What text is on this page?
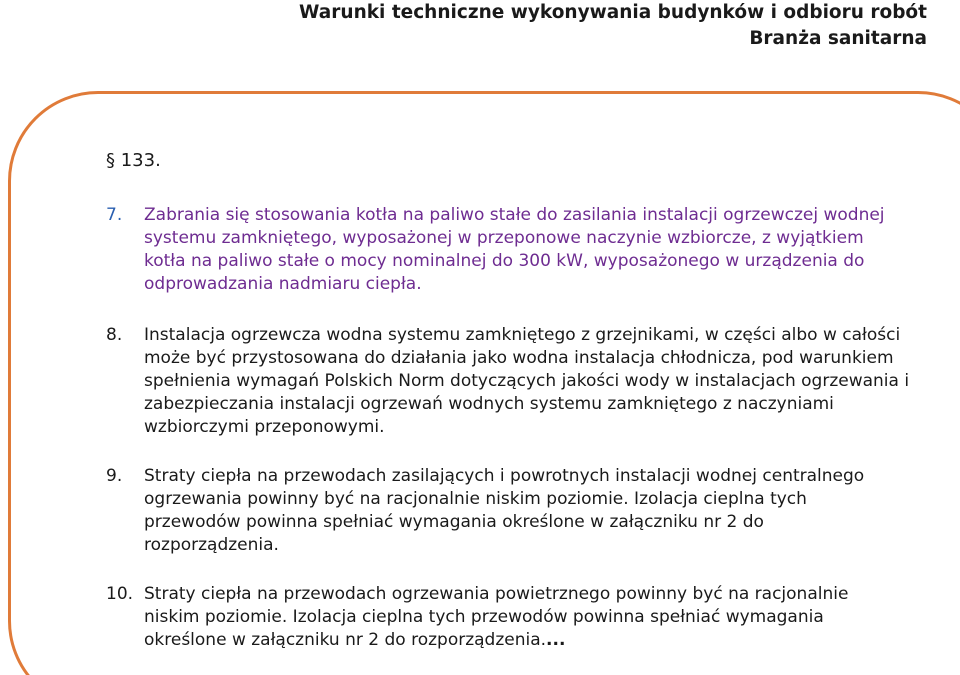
Warunki techniczne wykonywania budynków i odbioru robót
Branża sanitarna
§ 133.
7. Zabrania się stosowania kotła na paliwo stałe do zasilania instalacji ogrzewczej wodnej
systemu zamkniętego, wyposażonej w przeponowe naczynie wzbiorcze, z wyjątkiem
kotła na paliwo stałe o mocy nominalnej do 300 kW, wyposażonego w urządzenia do
odprowadzania nadmiaru ciepła.
8. Instalacja ogrzewcza wodna systemu zamkniętego z grzejnikami, w części albo w całości
może być przystosowana do działania jako wodna instalacja chłodnicza, pod warunkiem
spełnienia wymagań Polskich Norm dotyczących jakości wody w instalacjach ogrzewania i
zabezpieczania instalacji ogrzewań wodnych systemu zamkniętego z naczyniami
wzbiorczymi przeponowymi.
9. Straty ciepła na przewodach zasilających i powrotnych instalacji wodnej centralnego
ogrzewania powinny być na racjonalnie niskim poziomie. Izolacja cieplna tych
przewodów powinna spełniać wymagania określone w załączniku nr 2 do
rozporządzenia.
10. Straty ciepła na przewodach ogrzewania powietrznego powinny być na racjonalnie
niskim poziomie. Izolacja cieplna tych przewodów powinna spełniać wymagania
określone w załączniku nr 2 do rozporządzenia....
